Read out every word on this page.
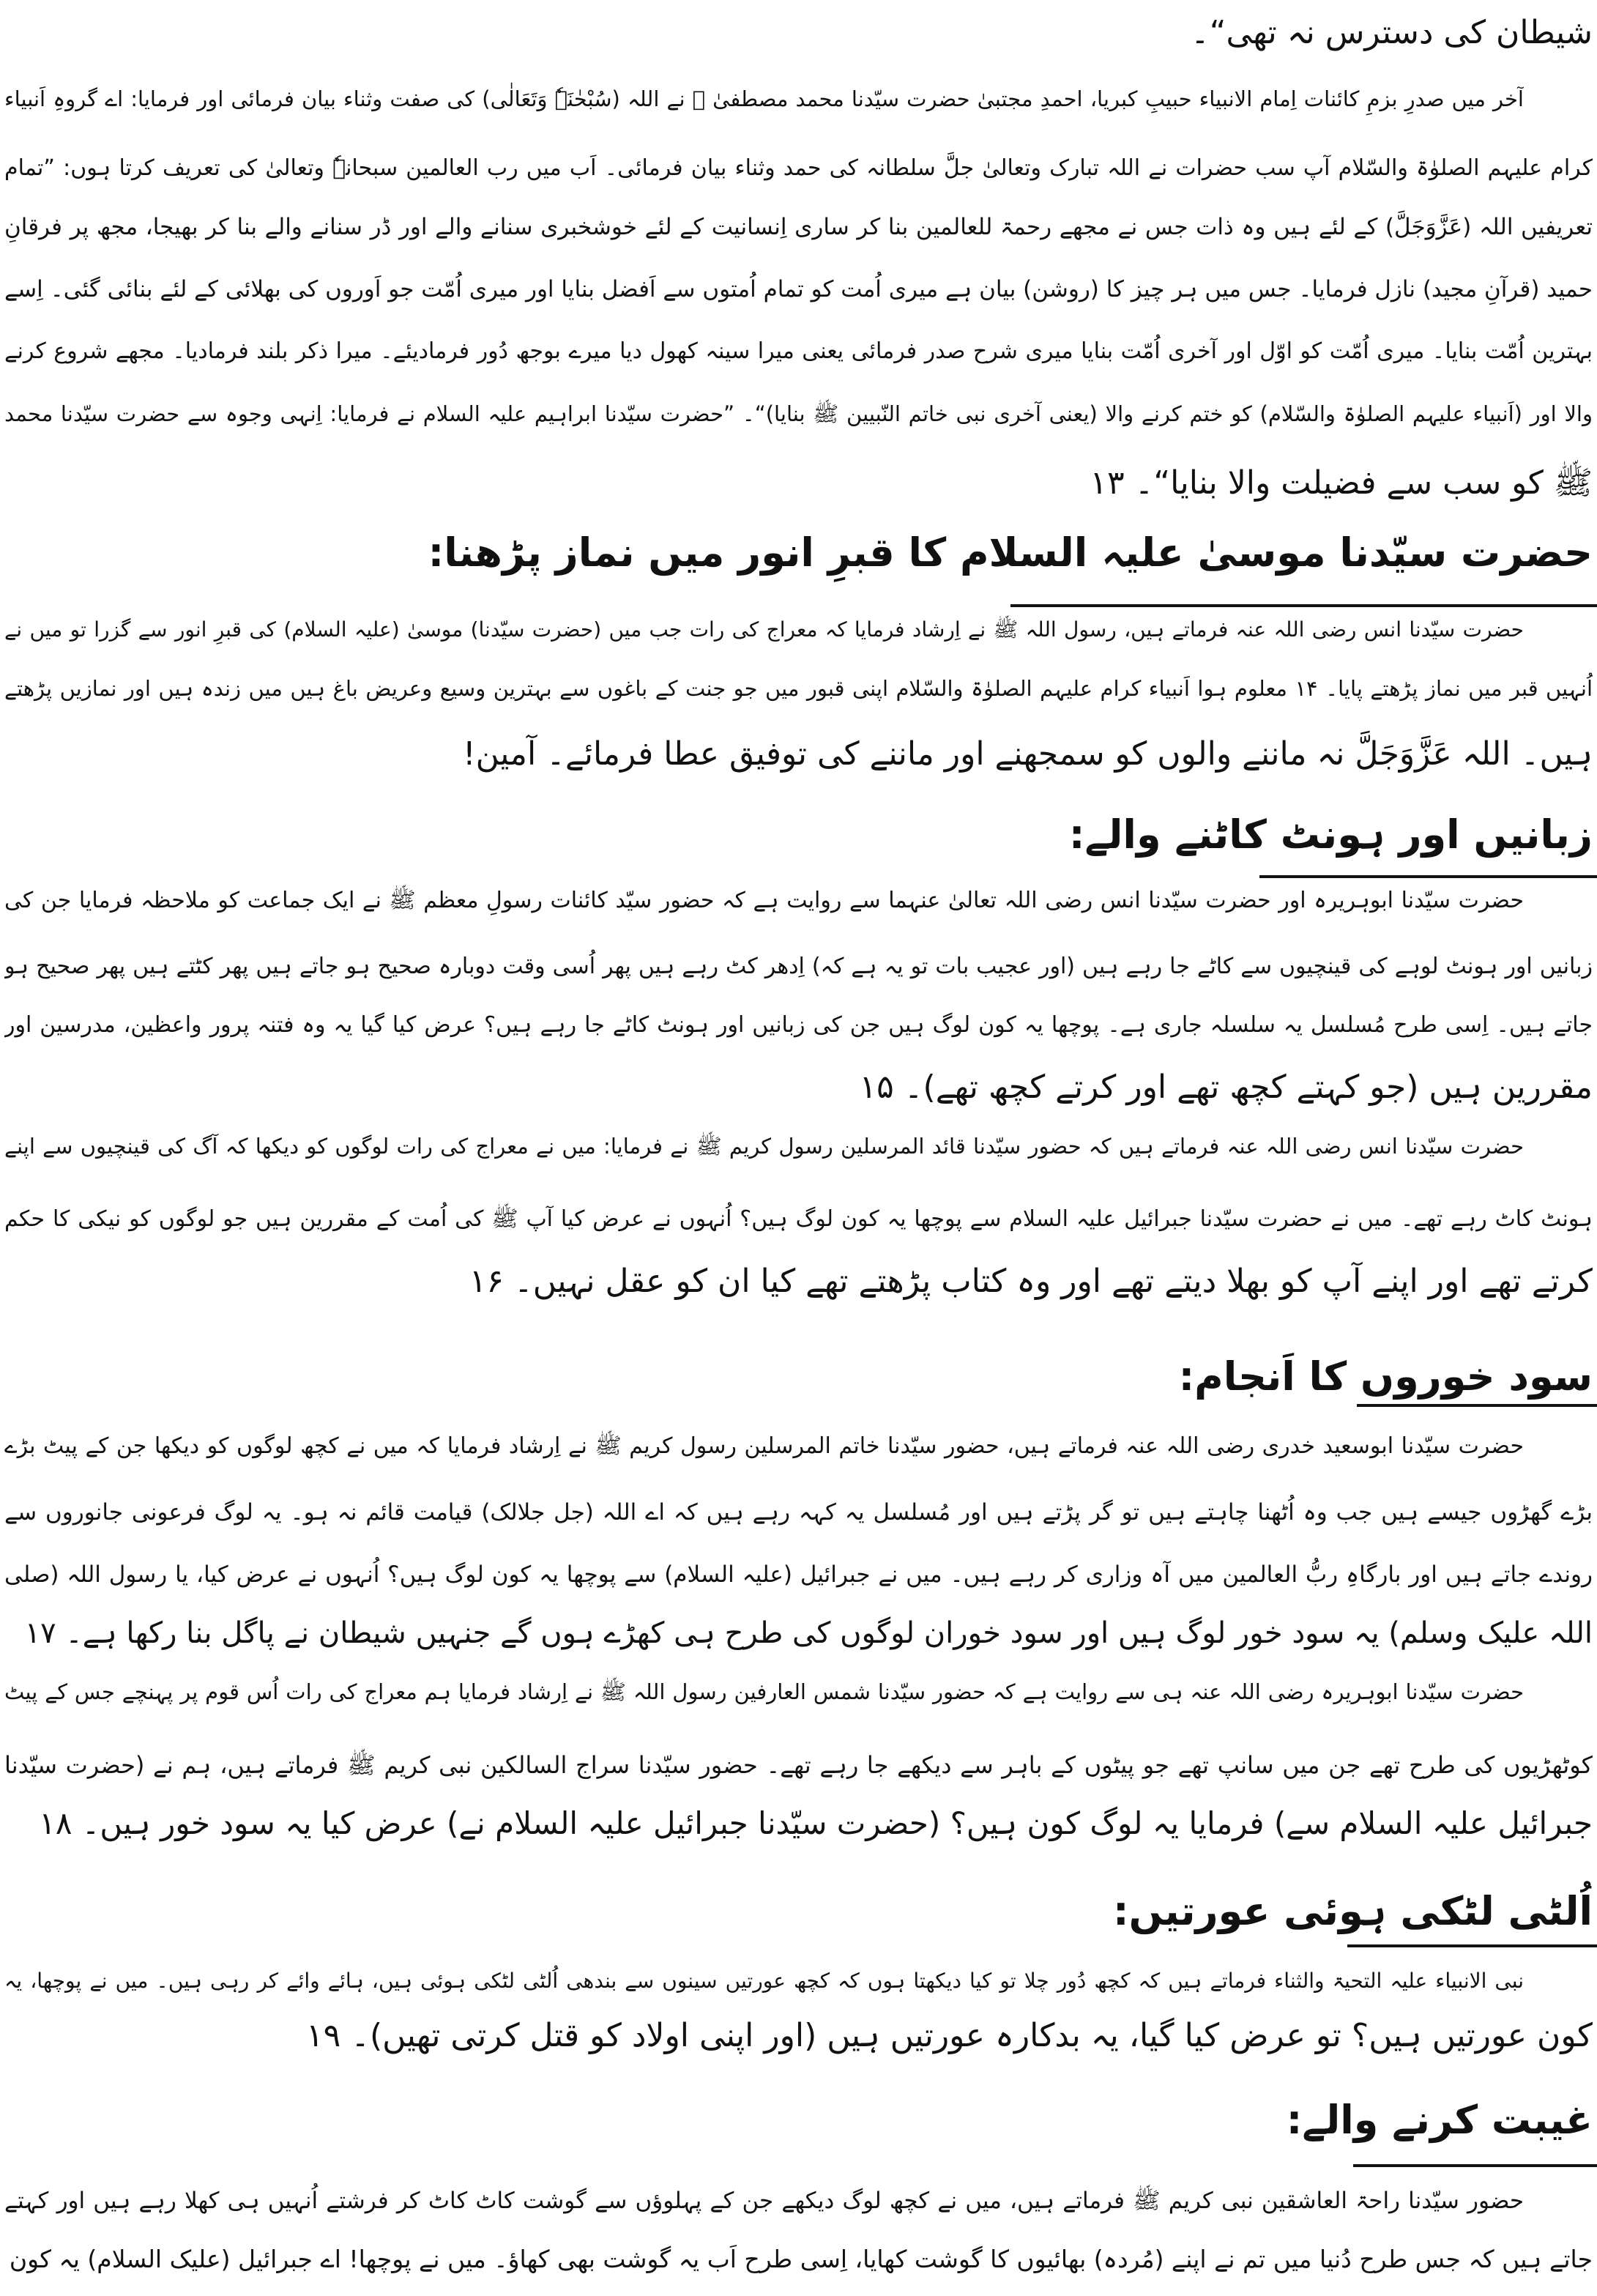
شیطان کی دسترس نہ تھی“۔
آخر میں صدرِ بزمِ کائنات اِمام الانبیاء حبیبِ کبریا، احمدِ مجتبیٰ حضرت سیّدنا محمد مصطفیٰ ﷺ نے اللہ (سُبْحٰنَہٗ وَتَعَالٰی) کی صفت وثناء بیان فرمائی اور فرمایا: اے گروہِ اَنبیاء
کرام علیہم الصلوٰۃ والسّلام آپ سب حضرات نے اللہ تبارک وتعالیٰ جلَّ سلطانہ کی حمد وثناء بیان فرمائی۔ اَب میں رب العالمین سبحانہٗ وتعالیٰ کی تعریف کرتا ہوں: ”تمام
تعریفیں اللہ (عَزَّوَجَلَّ) کے لئے ہیں وہ ذات جس نے مجھے رحمۃ للعالمین بنا کر ساری اِنسانیت کے لئے خوشخبری سنانے والے اور ڈر سنانے والے بنا کر بھیجا، مجھ پر فرقانِ
حمید (قرآنِ مجید) نازل فرمایا۔ جس میں ہر چیز کا (روشن) بیان ہے میری اُمت کو تمام اُمتوں سے اَفضل بنایا اور میری اُمّت جو اَوروں کی بھلائی کے لئے بنائی گئی۔ اِسے
بہترین اُمّت بنایا۔ میری اُمّت کو اوّل اور آخری اُمّت بنایا میری شرح صدر فرمائی یعنی میرا سینہ کھول دیا میرے بوجھ دُور فرمادیئے۔ میرا ذکر بلند فرمادیا۔ مجھے شروع کرنے
والا اور (اَنبیاء علیہم الصلوٰۃ والسّلام) کو ختم کرنے والا (یعنی آخری نبی خاتم النّبیین ﷺ بنایا)“۔ ”حضرت سیّدنا ابراہیم علیہ السلام نے فرمایا: اِنہی وجوہ سے حضرت سیّدنا محمد
ﷺ کو سب سے فضیلت والا بنایا“۔ ۱۳
حضرت سیّدنا موسیٰ علیہ السلام کا قبرِ انور میں نماز پڑھنا:
حضرت سیّدنا انس رضی اللہ عنہ فرماتے ہیں، رسول اللہ ﷺ نے اِرشاد فرمایا کہ معراج کی رات جب میں (حضرت سیّدنا) موسیٰ (علیہ السلام) کی قبرِ انور سے گزرا تو میں نے
اُنہیں قبر میں نماز پڑھتے پایا۔ ۱۴ معلوم ہوا اَنبیاء کرام علیہم الصلوٰۃ والسّلام اپنی قبور میں جو جنت کے باغوں سے بہترین وسیع وعریض باغ ہیں میں زندہ ہیں اور نمازیں پڑھتے
ہیں۔ اللہ عَزَّوَجَلَّ نہ ماننے والوں کو سمجھنے اور ماننے کی توفیق عطا فرمائے۔ آمین!
زبانیں اور ہونٹ کاٹنے والے:
حضرت سیّدنا ابوہریرہ اور حضرت سیّدنا انس رضی اللہ تعالیٰ عنہما سے روایت ہے کہ حضور سیّد کائنات رسولِ معظم ﷺ نے ایک جماعت کو ملاحظہ فرمایا جن کی
زبانیں اور ہونٹ لوہے کی قینچیوں سے کاٹے جا رہے ہیں (اور عجیب بات تو یہ ہے کہ) اِدھر کٹ رہے ہیں پھر اُسی وقت دوبارہ صحیح ہو جاتے ہیں پھر کٹتے ہیں پھر صحیح ہو
جاتے ہیں۔ اِسی طرح مُسلسل یہ سلسلہ جاری ہے۔ پوچھا یہ کون لوگ ہیں جن کی زبانیں اور ہونٹ کاٹے جا رہے ہیں؟ عرض کیا گیا یہ وہ فتنہ پرور واعظین، مدرسین اور
مقررین ہیں (جو کہتے کچھ تھے اور کرتے کچھ تھے)۔ ۱۵
حضرت سیّدنا انس رضی اللہ عنہ فرماتے ہیں کہ حضور سیّدنا قائد المرسلین رسول کریم ﷺ نے فرمایا: میں نے معراج کی رات لوگوں کو دیکھا کہ آگ کی قینچیوں سے اپنے
ہونٹ کاٹ رہے تھے۔ میں نے حضرت سیّدنا جبرائیل علیہ السلام سے پوچھا یہ کون لوگ ہیں؟ اُنہوں نے عرض کیا آپ ﷺ کی اُمت کے مقررین ہیں جو لوگوں کو نیکی کا حکم
کرتے تھے اور اپنے آپ کو بھلا دیتے تھے اور وہ کتاب پڑھتے تھے کیا ان کو عقل نہیں۔ ۱۶
سود خوروں کا اَنجام:
حضرت سیّدنا ابوسعید خدری رضی اللہ عنہ فرماتے ہیں، حضور سیّدنا خاتم المرسلین رسول کریم ﷺ نے اِرشاد فرمایا کہ میں نے کچھ لوگوں کو دیکھا جن کے پیٹ بڑے
بڑے گھڑوں جیسے ہیں جب وہ اُٹھنا چاہتے ہیں تو گر پڑتے ہیں اور مُسلسل یہ کہہ رہے ہیں کہ اے اللہ (جل جلالک) قیامت قائم نہ ہو۔ یہ لوگ فرعونی جانوروں سے
روندے جاتے ہیں اور بارگاہِ ربُّ العالمین میں آہ وزاری کر رہے ہیں۔ میں نے جبرائیل (علیہ السلام) سے پوچھا یہ کون لوگ ہیں؟ اُنہوں نے عرض کیا، یا رسول اللہ (صلی
اللہ علیک وسلم) یہ سود خور لوگ ہیں اور سود خوران لوگوں کی طرح ہی کھڑے ہوں گے جنہیں شیطان نے پاگل بنا رکھا ہے۔ ۱۷
حضرت سیّدنا ابوہریرہ رضی اللہ عنہ ہی سے روایت ہے کہ حضور سیّدنا شمس العارفین رسول اللہ ﷺ نے اِرشاد فرمایا ہم معراج کی رات اُس قوم پر پہنچے جس کے پیٹ
کوٹھڑیوں کی طرح تھے جن میں سانپ تھے جو پیٹوں کے باہر سے دیکھے جا رہے تھے۔ حضور سیّدنا سراج السالکین نبی کریم ﷺ فرماتے ہیں، ہم نے (حضرت سیّدنا
جبرائیل علیہ السلام سے) فرمایا یہ لوگ کون ہیں؟ (حضرت سیّدنا جبرائیل علیہ السلام نے) عرض کیا یہ سود خور ہیں۔ ۱۸
اُلٹی لٹکی ہوئی عورتیں:
نبی الانبیاء علیہ التحیۃ والثناء فرماتے ہیں کہ کچھ دُور چلا تو کیا دیکھتا ہوں کہ کچھ عورتیں سینوں سے بندھی اُلٹی لٹکی ہوئی ہیں، ہائے وائے کر رہی ہیں۔ میں نے پوچھا، یہ
کون عورتیں ہیں؟ تو عرض کیا گیا، یہ بدکارہ عورتیں ہیں (اور اپنی اولاد کو قتل کرتی تھیں)۔ ۱۹
غیبت کرنے والے:
حضور سیّدنا راحۃ العاشقین نبی کریم ﷺ فرماتے ہیں، میں نے کچھ لوگ دیکھے جن کے پہلوؤں سے گوشت کاٹ کاٹ کر فرشتے اُنہیں ہی کھلا رہے ہیں اور کہتے
جاتے ہیں کہ جس طرح دُنیا میں تم نے اپنے (مُردہ) بھائیوں کا گوشت کھایا، اِسی طرح اَب یہ گوشت بھی کھاؤ۔ میں نے پوچھا! اے جبرائیل (علیک السلام) یہ کون
